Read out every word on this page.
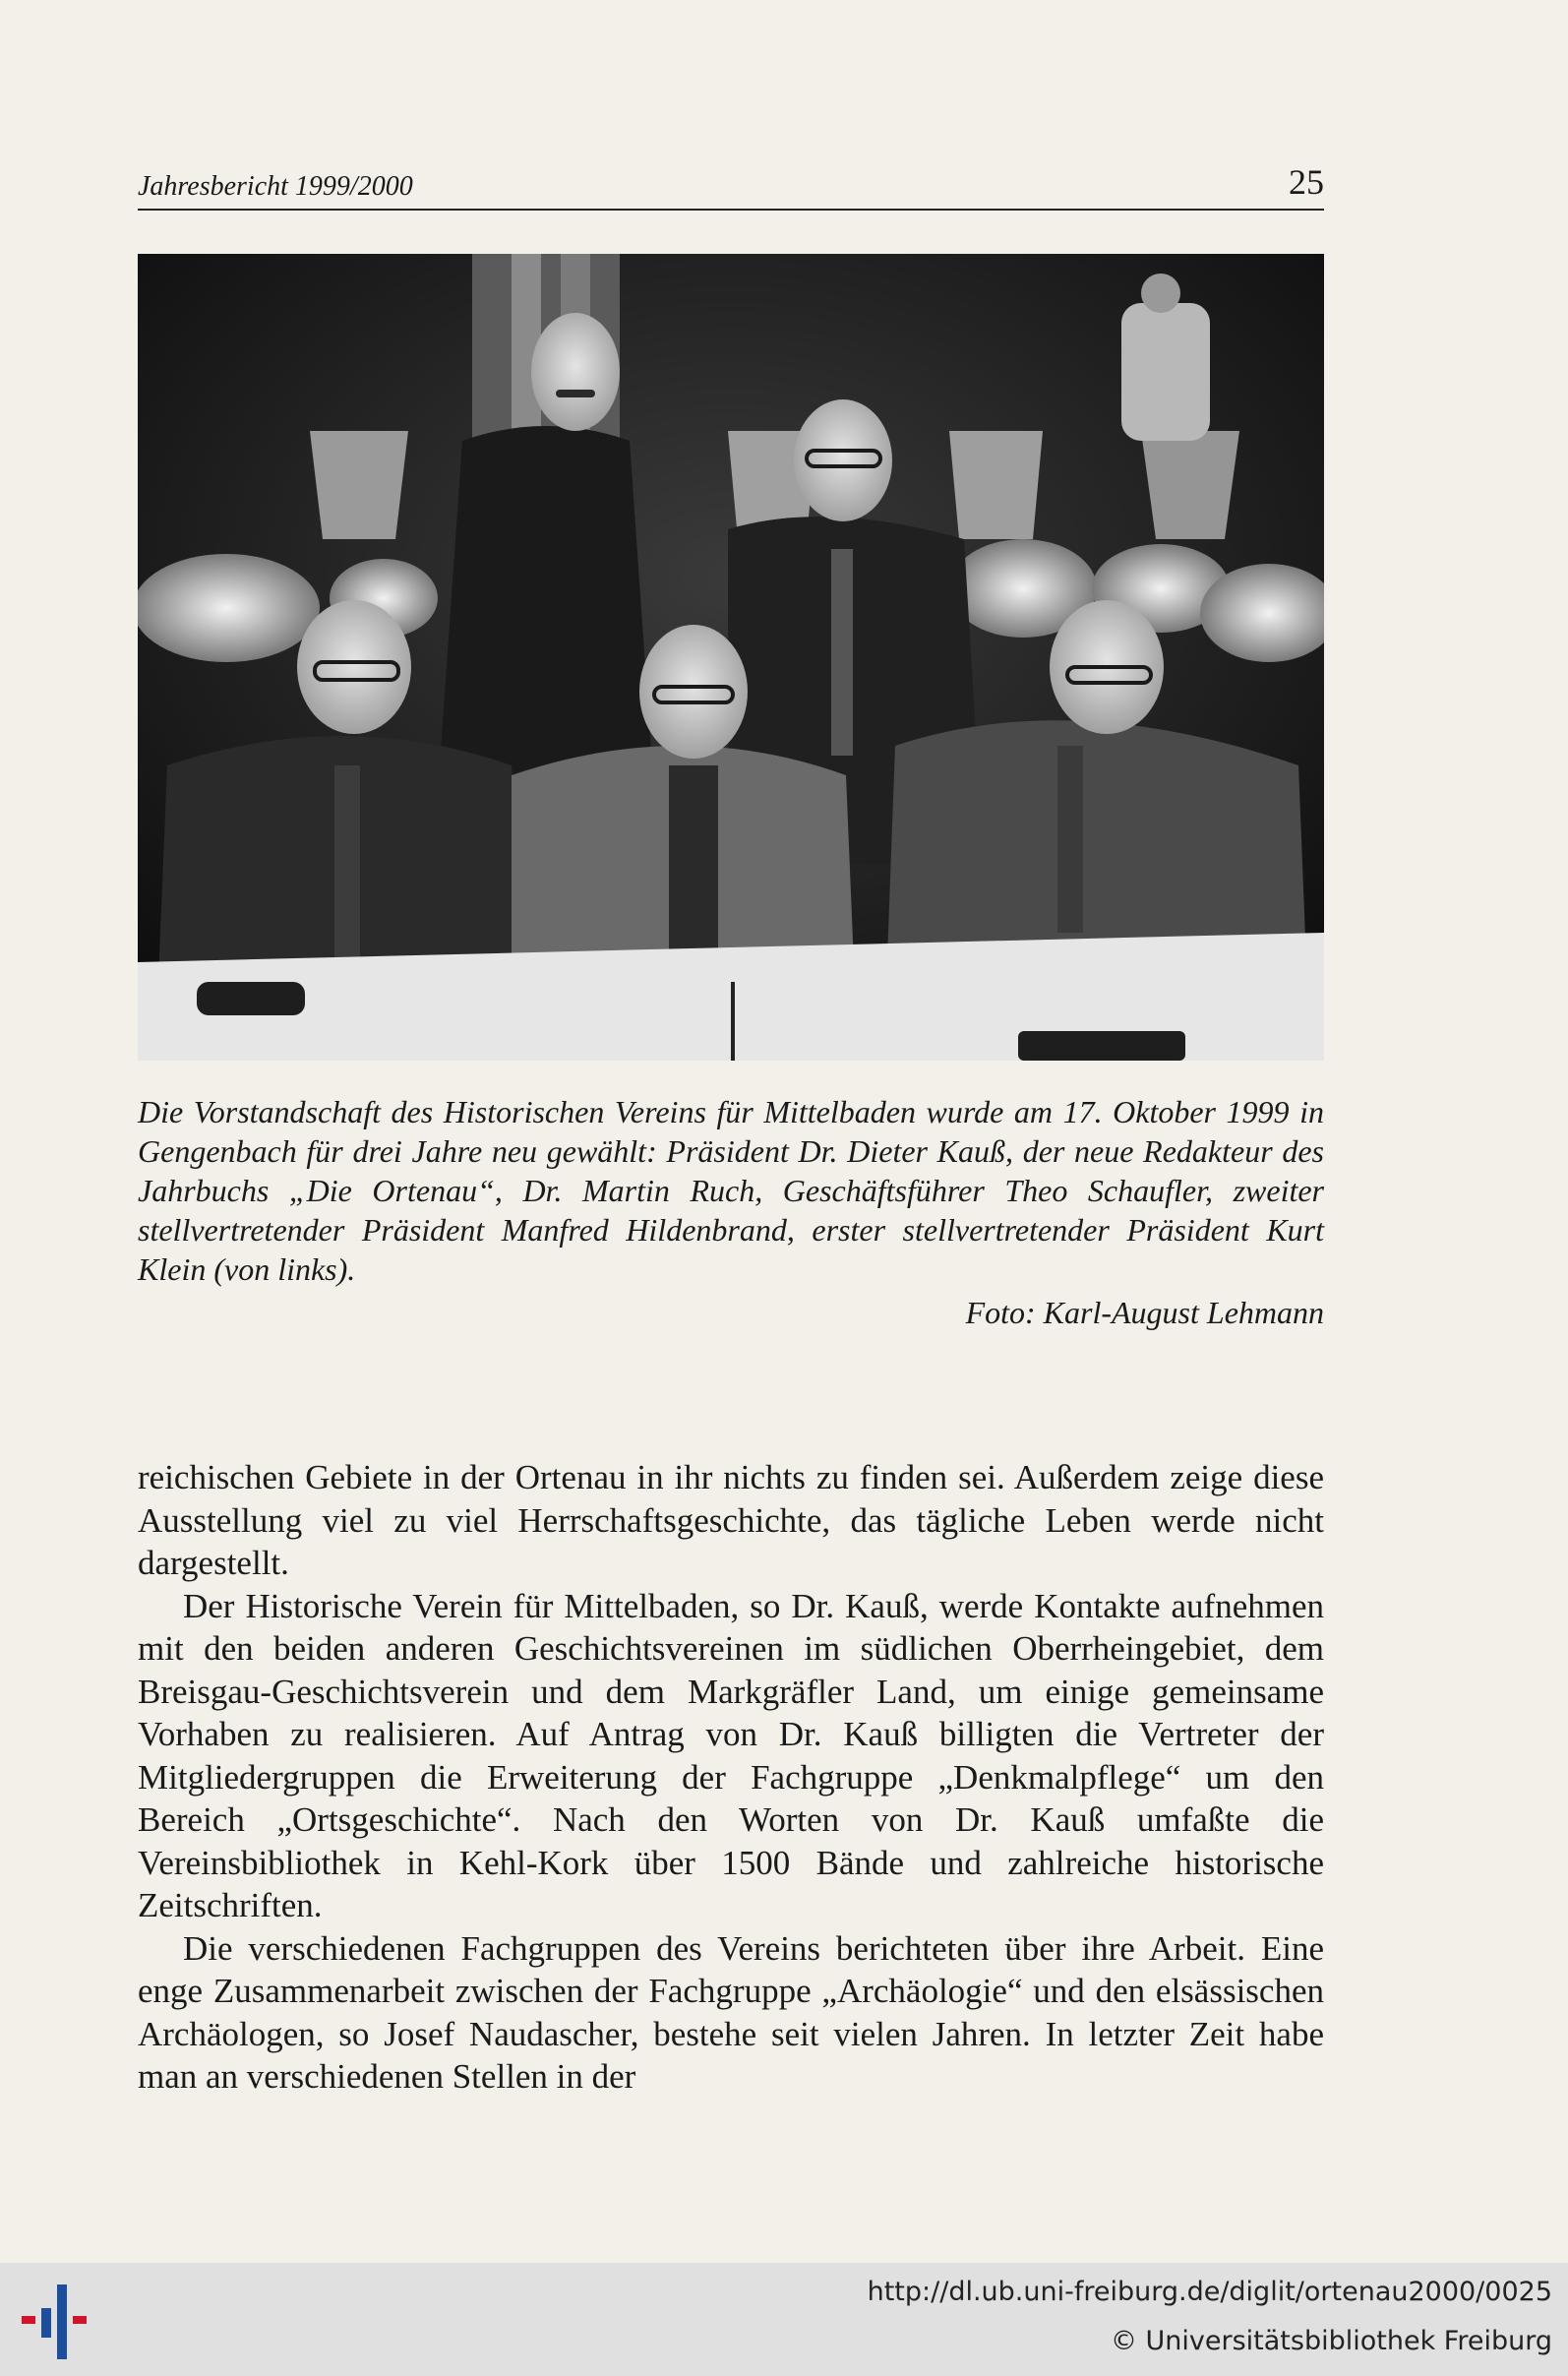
Jahresbericht 1999/2000	25

Die Vorstandschaft des Historischen Vereins für Mittelbaden wurde am 17. Oktober 1999 in Gengenbach für drei Jahre neu gewählt: Präsident Dr. Dieter Kauß, der neue Redakteur des Jahrbuchs „Die Ortenau“, Dr. Martin Ruch, Geschäftsführer Theo Schaufler, zweiter stellvertretender Präsident Manfred Hildenbrand, erster stellvertretender Präsident Kurt Klein (von links).

Foto: Karl-August Lehmann

reichischen Gebiete in der Ortenau in ihr nichts zu finden sei. Außerdem zeige diese Ausstellung viel zu viel Herrschaftsgeschichte, das tägliche Leben werde nicht dargestellt.

Der Historische Verein für Mittelbaden, so Dr. Kauß, werde Kontakte aufnehmen mit den beiden anderen Geschichtsvereinen im südlichen Oberrheingebiet, dem Breisgau-Geschichtsverein und dem Markgräfler Land, um einige gemeinsame Vorhaben zu realisieren. Auf Antrag von Dr. Kauß billigten die Vertreter der Mitgliedergruppen die Erweiterung der Fachgruppe „Denkmalpflege“ um den Bereich „Ortsgeschichte“. Nach den Worten von Dr. Kauß umfaßte die Vereinsbibliothek in Kehl-Kork über 1500 Bände und zahlreiche historische Zeitschriften.

Die verschiedenen Fachgruppen des Vereins berichteten über ihre Arbeit. Eine enge Zusammenarbeit zwischen der Fachgruppe „Archäologie“ und den elsässischen Archäologen, so Josef Naudascher, bestehe seit vielen Jahren. In letzter Zeit habe man an verschiedenen Stellen in der

http://dl.ub.uni-freiburg.de/diglit/ortenau2000/0025
© Universitätsbibliothek Freiburg
